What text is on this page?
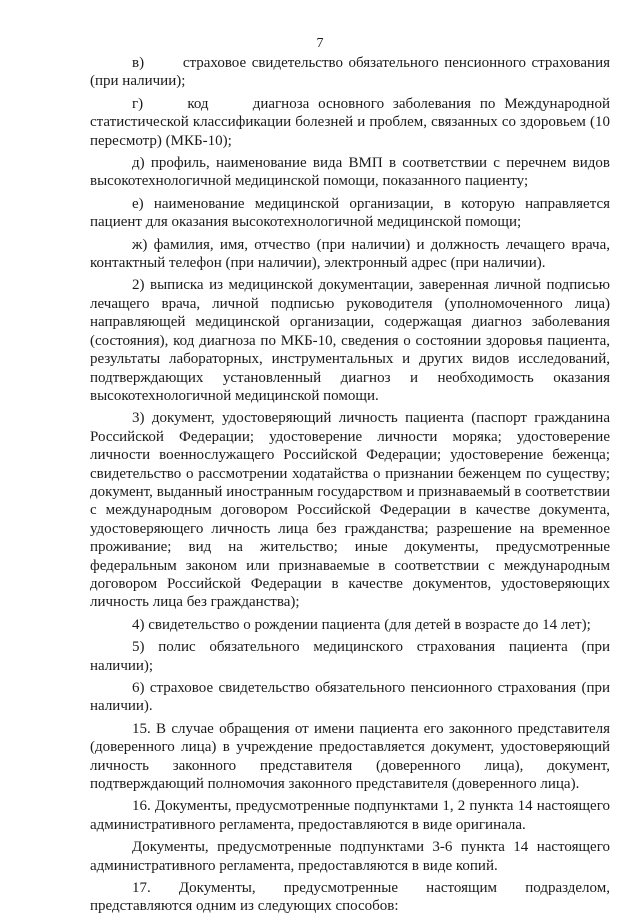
7

в)       страховое свидетельство обязательного пенсионного страхования (при наличии);

г)     код     диагноза основного заболевания по Международной статистической классификации болезней и проблем, связанных со здоровьем (10 пересмотр) (МКБ-10);

д) профиль, наименование вида ВМП в соответствии с перечнем видов высокотехнологичной медицинской помощи, показанного пациенту;

е) наименование медицинской организации, в которую направляется пациент для оказания высокотехнологичной медицинской помощи;

ж) фамилия, имя, отчество (при наличии) и должность лечащего врача, контактный телефон (при наличии), электронный адрес (при наличии).

2) выписка из медицинской документации, заверенная личной подписью лечащего врача, личной подписью руководителя (уполномоченного лица) направляющей медицинской организации, содержащая диагноз заболевания (состояния), код диагноза по МКБ-10, сведения о состоянии здоровья пациента, результаты лабораторных, инструментальных и других видов исследований, подтверждающих установленный диагноз и необходимость оказания высокотехнологичной медицинской помощи.

3) документ, удостоверяющий личность пациента (паспорт гражданина Российской Федерации; удостоверение личности моряка; удостоверение личности военнослужащего Российской Федерации; удостоверение беженца; свидетельство о рассмотрении ходатайства о признании беженцем по существу; документ, выданный иностранным государством и признаваемый в соответствии с международным договором Российской Федерации в качестве документа, удостоверяющего личность лица без гражданства; разрешение на временное проживание; вид на жительство; иные документы, предусмотренные федеральным законом или признаваемые в соответствии с международным договором Российской Федерации в качестве документов, удостоверяющих личность лица без гражданства);

4) свидетельство о рождении пациента (для детей в возрасте до 14 лет);

5) полис обязательного медицинского страхования пациента (при наличии);

6) страховое свидетельство обязательного пенсионного страхования (при наличии).

15. В случае обращения от имени пациента его законного представителя (доверенного лица) в учреждение предоставляется документ, удостоверяющий личность законного представителя (доверенного лица), документ, подтверждающий полномочия законного представителя (доверенного лица).

16. Документы, предусмотренные подпунктами 1, 2 пункта 14 настоящего административного регламента, предоставляются в виде оригинала.

Документы, предусмотренные подпунктами 3-6 пункта 14 настоящего административного регламента, предоставляются в виде копий.

17. Документы, предусмотренные настоящим подразделом, представляются одним из следующих способов:
